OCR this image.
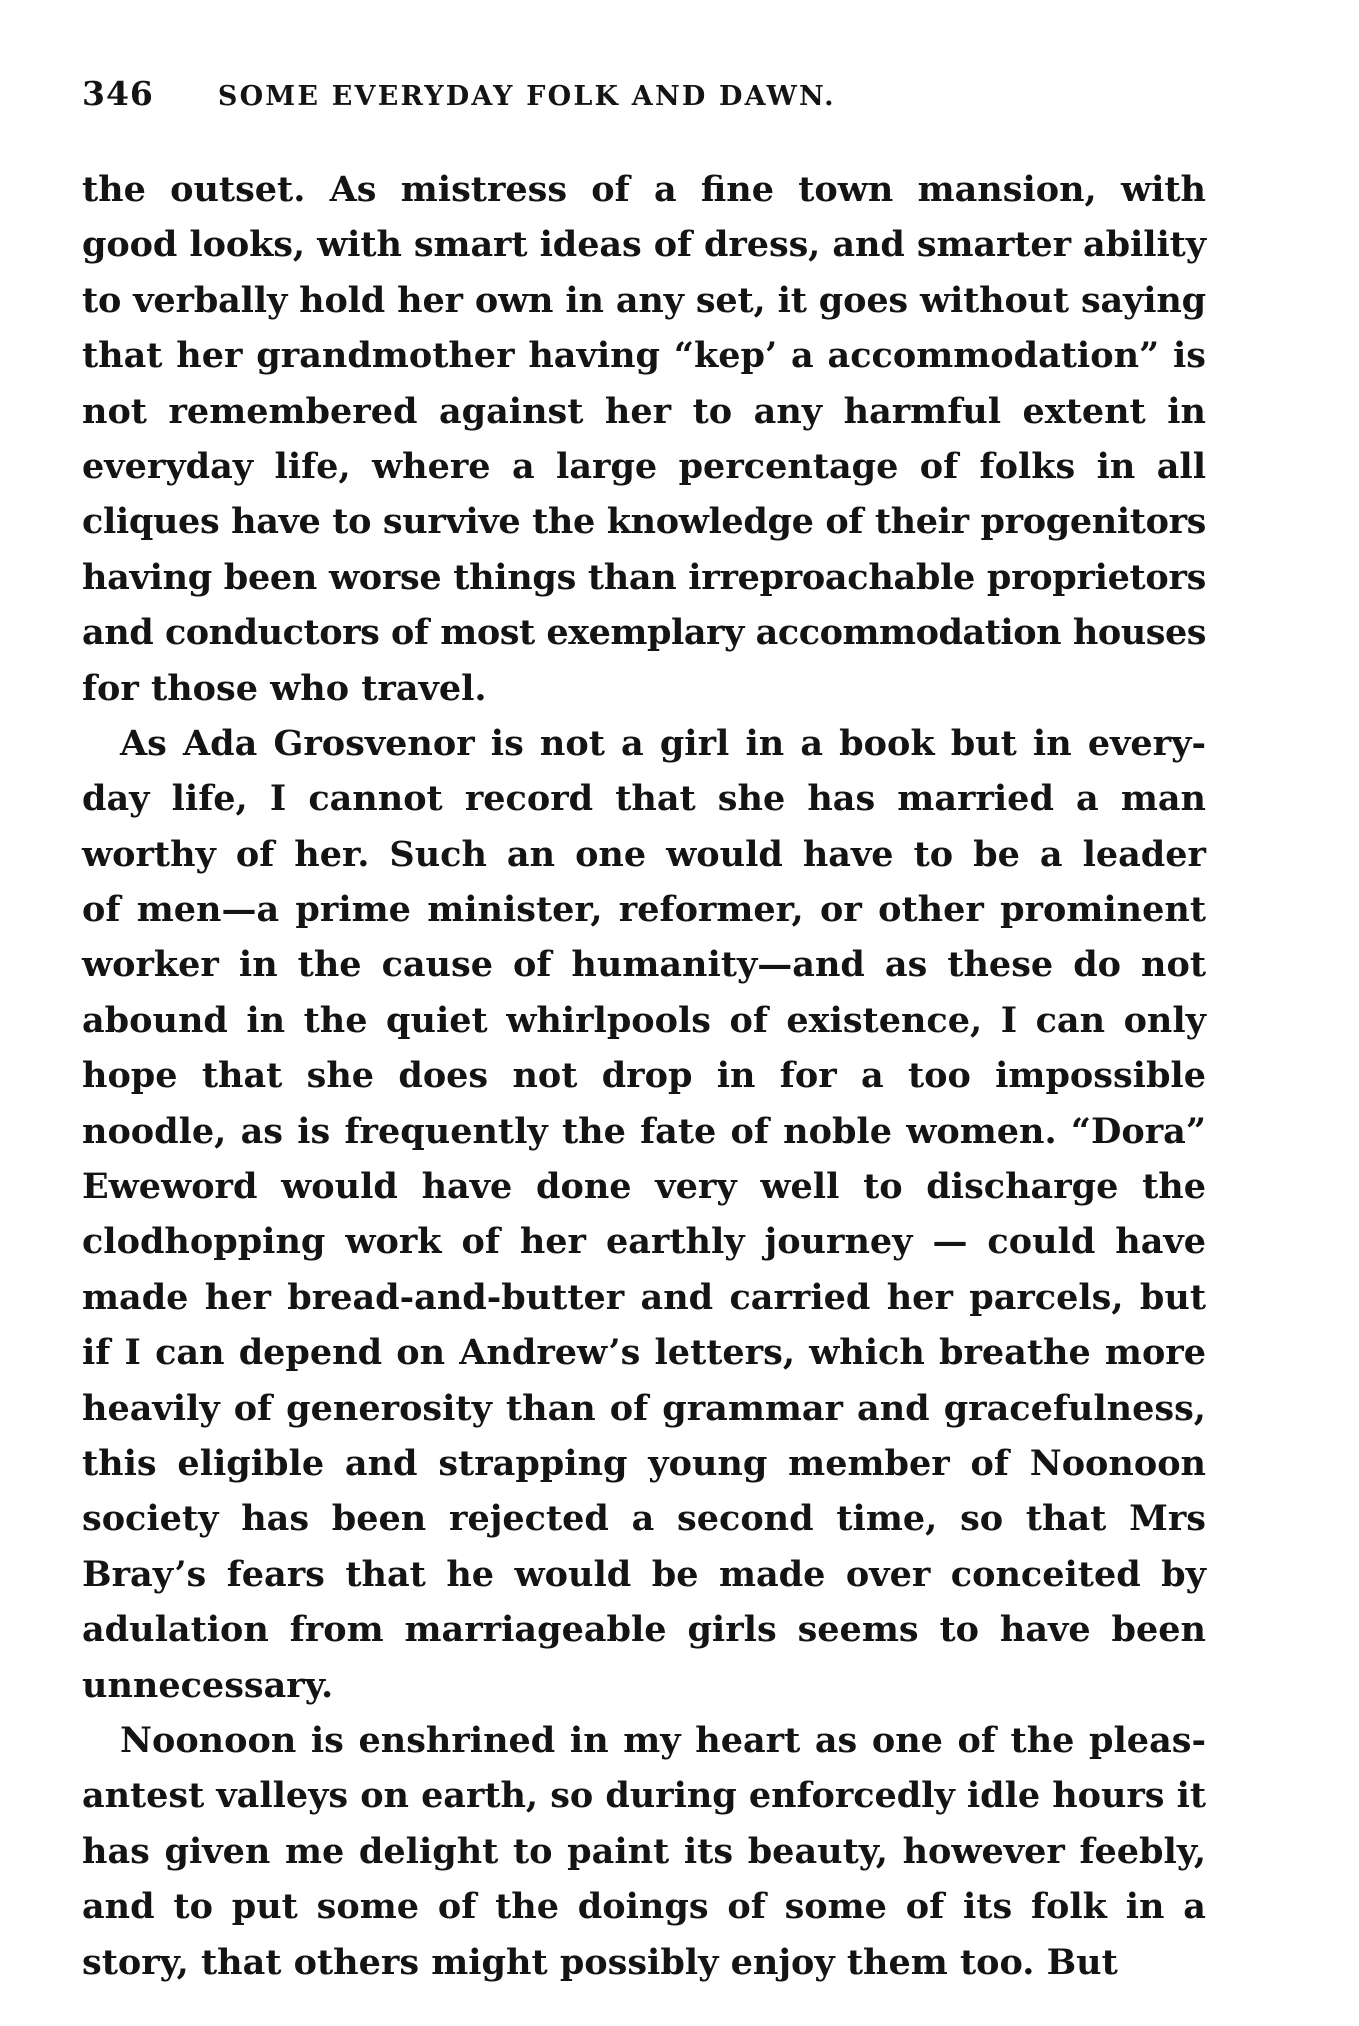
346 SOME EVERYDAY FOLK AND DAWN.
the outset. As mistress of a fine town mansion, with
good looks, with smart ideas of dress, and smarter ability
to verbally hold her own in any set, it goes without saying
that her grandmother having “kep’ a accommodation” is
not remembered against her to any harmful extent in
everyday life, where a large percentage of folks in all
cliques have to survive the knowledge of their progenitors
having been worse things than irreproachable proprietors
and conductors of most exemplary accommodation houses
for those who travel.
As Ada Grosvenor is not a girl in a book but in every-
day life, I cannot record that she has married a man
worthy of her. Such an one would have to be a leader
of men—a prime minister, reformer, or other prominent
worker in the cause of humanity—and as these do not
abound in the quiet whirlpools of existence, I can only
hope that she does not drop in for a too impossible
noodle, as is frequently the fate of noble women. “Dora”
Eweword would have done very well to discharge the
clodhopping work of her earthly journey — could have
made her bread-and-butter and carried her parcels, but
if I can depend on Andrew’s letters, which breathe more
heavily of generosity than of grammar and gracefulness,
this eligible and strapping young member of Noonoon
society has been rejected a second time, so that Mrs
Bray’s fears that he would be made over conceited by
adulation from marriageable girls seems to have been
unnecessary.
Noonoon is enshrined in my heart as one of the pleas-
antest valleys on earth, so during enforcedly idle hours it
has given me delight to paint its beauty, however feebly,
and to put some of the doings of some of its folk in a
story, that others might possibly enjoy them too. But
